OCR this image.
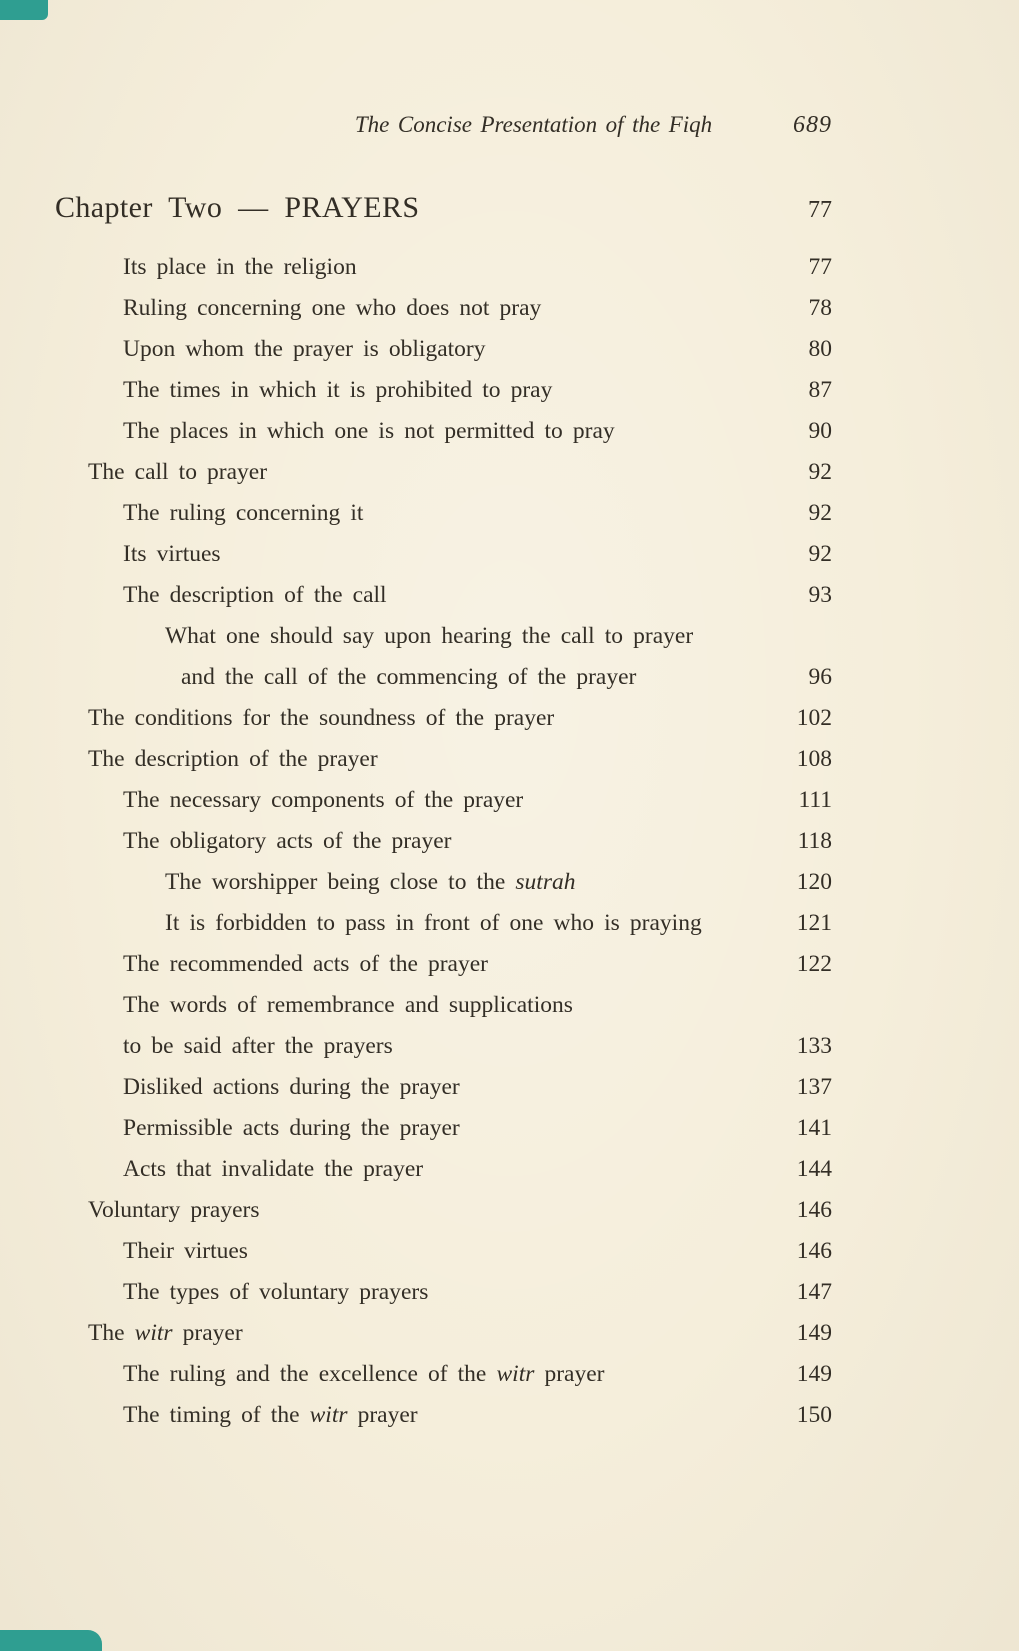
The Concise Presentation of the Fiqh	689
Chapter Two — PRAYERS	77
Its place in the religion	77
Ruling concerning one who does not pray	78
Upon whom the prayer is obligatory	80
The times in which it is prohibited to pray	87
The places in which one is not permitted to pray	90
The call to prayer	92
The ruling concerning it	92
Its virtues	92
The description of the call	93
What one should say upon hearing the call to prayer
and the call of the commencing of the prayer	96
The conditions for the soundness of the prayer	102
The description of the prayer	108
The necessary components of the prayer	111
The obligatory acts of the prayer	118
The worshipper being close to the sutrah	120
It is forbidden to pass in front of one who is praying	121
The recommended acts of the prayer	122
The words of remembrance and supplications
to be said after the prayers	133
Disliked actions during the prayer	137
Permissible acts during the prayer	141
Acts that invalidate the prayer	144
Voluntary prayers	146
Their virtues	146
The types of voluntary prayers	147
The witr prayer	149
The ruling and the excellence of the witr prayer	149
The timing of the witr prayer	150
